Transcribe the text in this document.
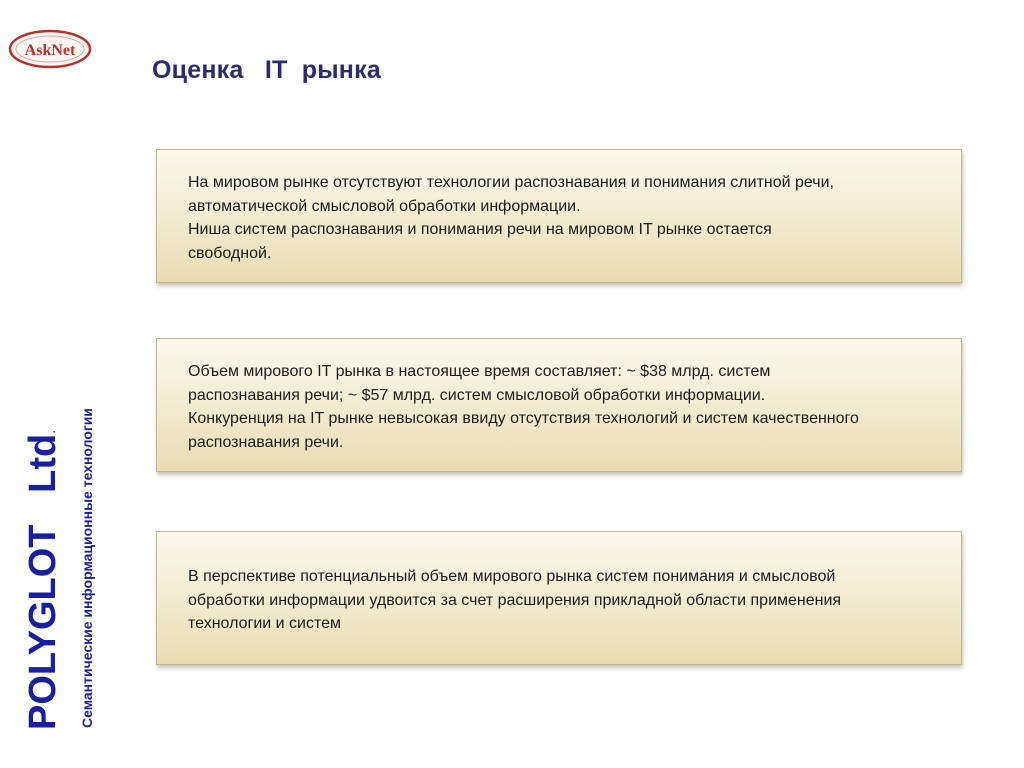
AskNet
Оценка   IT  рынка
POLYGLOT   Ltd. Семантические информационные технологии

На мировом рынке отсутствуют технологии распознавания и понимания слитной речи,

автоматической смысловой обработки информации.

Ниша систем распознавания и понимания речи на мировом IT рынке остается

свободной.

Объем мирового IT рынка в настоящее время составляет: ~ $38 млрд. систем

распознавания речи; ~ $57 млрд. систем смысловой обработки информации.

Конкуренция на IT рынке невысокая ввиду отсутствия технологий и систем качественного

распознавания речи.

В перспективе потенциальный объем мирового рынка систем понимания и смысловой

обработки информации удвоится за счет расширения прикладной области применения

технологии и систем
